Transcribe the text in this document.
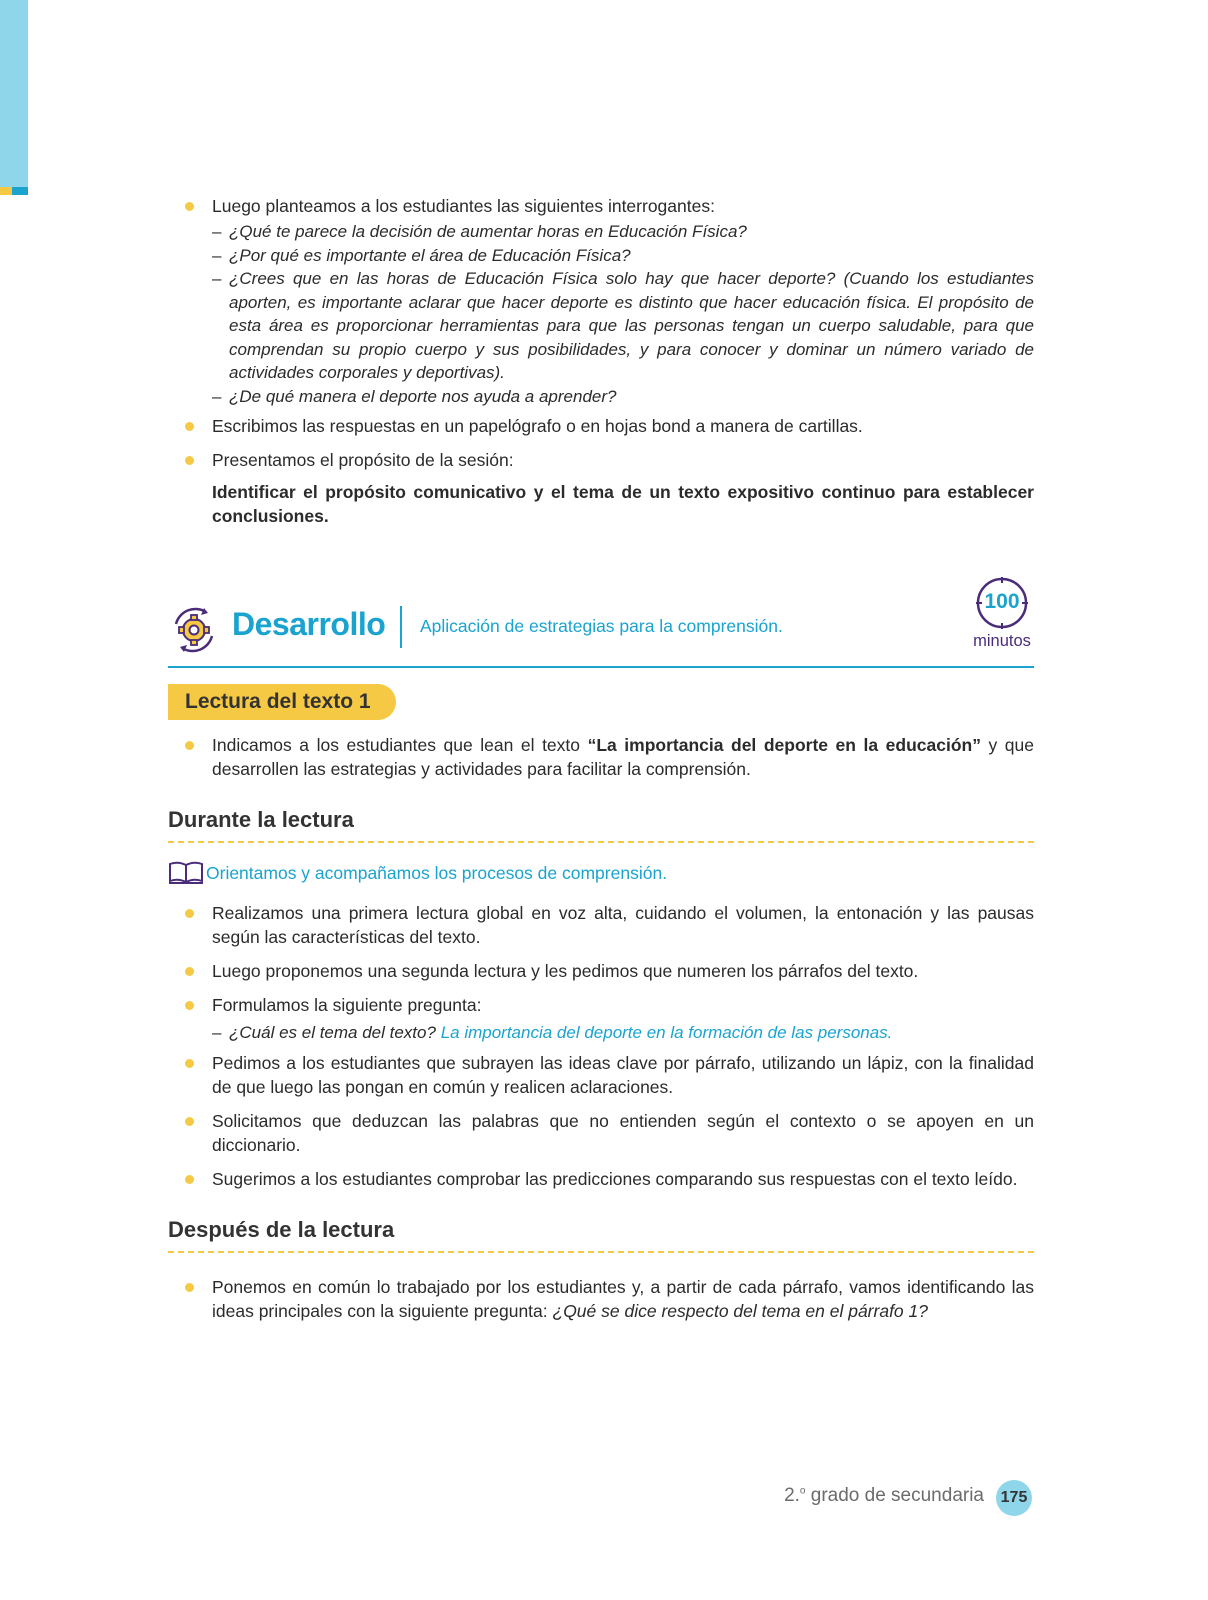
Luego planteamos a los estudiantes las siguientes interrogantes:
– ¿Qué te parece la decisión de aumentar horas en Educación Física?
– ¿Por qué es importante el área de Educación Física?
– ¿Crees que en las horas de Educación Física solo hay que hacer deporte? (Cuando los estudiantes aporten, es importante aclarar que hacer deporte es distinto que hacer educación física. El propósito de esta área es proporcionar herramientas para que las personas tengan un cuerpo saludable, para que comprendan su propio cuerpo y sus posibilidades, y para conocer y dominar un número variado de actividades corporales y deportivas).
– ¿De qué manera el deporte nos ayuda a aprender?
Escribimos las respuestas en un papelógrafo o en hojas bond a manera de cartillas.
Presentamos el propósito de la sesión:
Identificar el propósito comunicativo y el tema de un texto expositivo continuo para establecer conclusiones.
Desarrollo Aplicación de estrategias para la comprensión.
100
minutos
Lectura del texto 1
Indicamos a los estudiantes que lean el texto “La importancia del deporte en la educación” y que desarrollen las estrategias y actividades para facilitar la comprensión.
Durante la lectura
Orientamos y acompañamos los procesos de comprensión.
Realizamos una primera lectura global en voz alta, cuidando el volumen, la entonación y las pausas según las características del texto.
Luego proponemos una segunda lectura y les pedimos que numeren los párrafos del texto.
Formulamos la siguiente pregunta:
– ¿Cuál es el tema del texto? La importancia del deporte en la formación de las personas.
Pedimos a los estudiantes que subrayen las ideas clave por párrafo, utilizando un lápiz, con la finalidad de que luego las pongan en común y realicen aclaraciones.
Solicitamos que deduzcan las palabras que no entienden según el contexto o se apoyen en un diccionario.
Sugerimos a los estudiantes comprobar las predicciones comparando sus respuestas con el texto leído.
Después de la lectura
Ponemos en común lo trabajado por los estudiantes y, a partir de cada párrafo, vamos identificando las ideas principales con la siguiente pregunta: ¿Qué se dice respecto del tema en el párrafo 1?
2.$^o$ grado de secundaria 175
